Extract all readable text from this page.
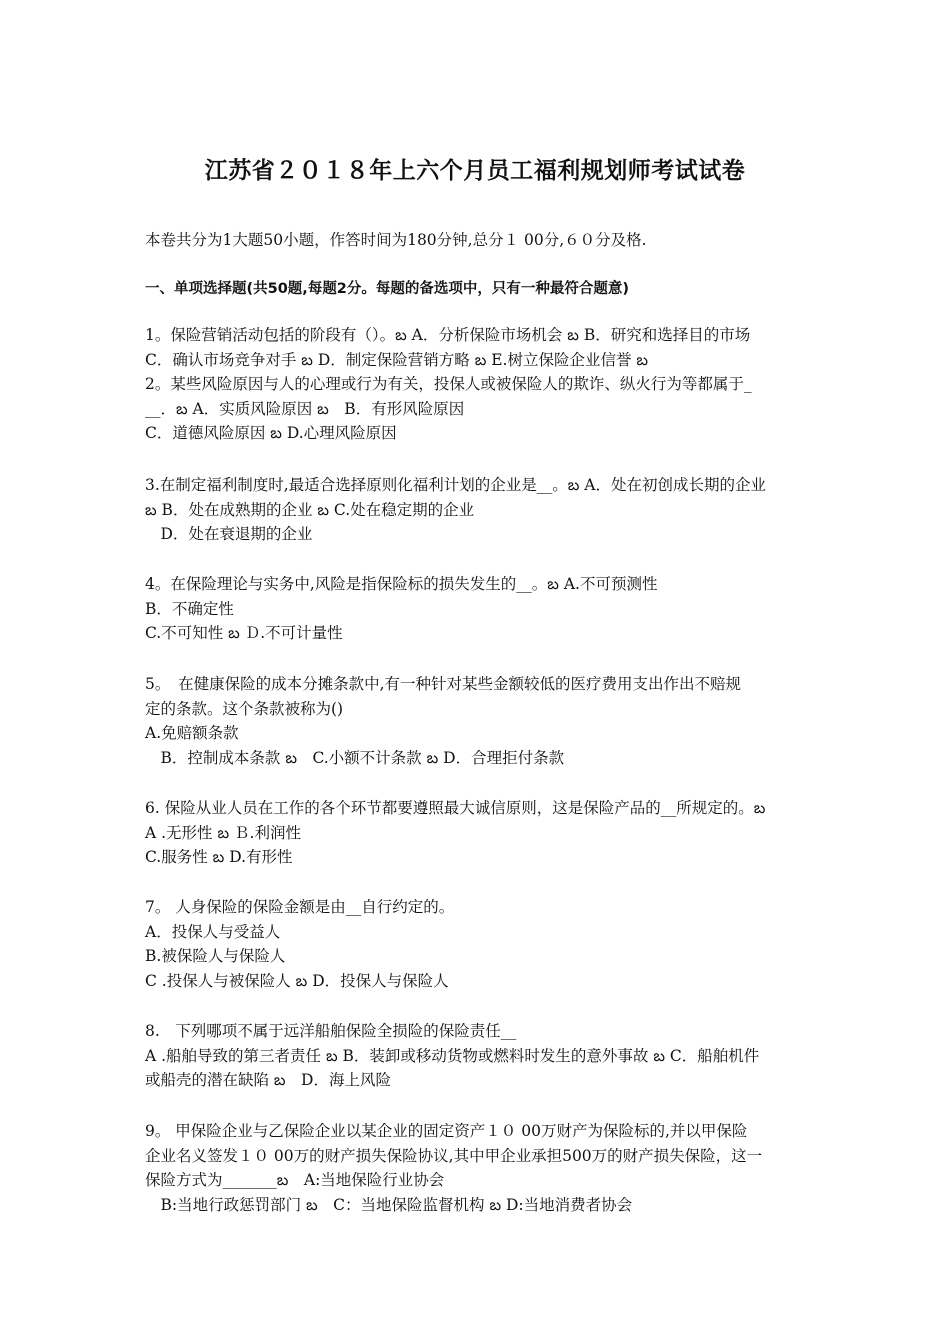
江苏省２０１８年上六个月员工福利规划师考试试卷
本卷共分为1大题50小题，作答时间为180分钟,总分１ 00分,６０分及格.
一、单项选择题(共50题,每题2分。每题的备选项中，只有一种最符合题意)
1。保险营销活动包括的阶段有（）。బ A．分析保险市场机会 బ B．研究和选择目的市场
C．确认市场竞争对手 బ D．制定保险营销方略 బ E.树立保险企业信誉 బ
2。某些风险原因与人的心理或行为有关，投保人或被保险人的欺诈、纵火行为等都属于_
__．బ A．实质风险原因 బ　B．有形风险原因
C．道德风险原因 బ D.心理风险原因
3.在制定福利制度时,最适合选择原则化福利计划的企业是__。బ A．处在初创成长期的企业
బ B．处在成熟期的企业 బ C.处在稳定期的企业
　D．处在衰退期的企业
4。在保险理论与实务中,风险是指保险标的损失发生的__。బ A.不可预测性
B．不确定性
C.不可知性 బ Ｄ.不可计量性
5。　在健康保险的成本分摊条款中,有一种针对某些金额较低的医疗费用支出作出不赔规
定的条款。这个条款被称为()
A.免赔额条款
　B．控制成本条款 బ　C.小额不计条款 బ D．合理拒付条款
6. 保险从业人员在工作的各个环节都要遵照最大诚信原则，这是保险产品的__所规定的。బ
A .无形性 బ Ｂ.利润性
C.服务性 బ D.有形性
7。 人身保险的保险金额是由__自行约定的。
A．投保人与受益人
B.被保险人与保险人
C .投保人与被保险人 బ D．投保人与保险人
8.　下列哪项不属于远洋船舶保险全损险的保险责任__
A .船舶导致的第三者责任 బ B．装卸或移动货物或燃料时发生的意外事故 బ C．船舶机件
或船壳的潜在缺陷 బ　D．海上风险
9。 甲保险企业与乙保险企业以某企业的固定资产１０ 00万财产为保险标的,并以甲保险
企业名义签发１０ 00万的财产损失保险协议,其中甲企业承担500万的财产损失保险，这一
保险方式为_______బ　A:当地保险行业协会
　B:当地行政惩罚部门 బ　C：当地保险监督机构 బ D:当地消费者协会
